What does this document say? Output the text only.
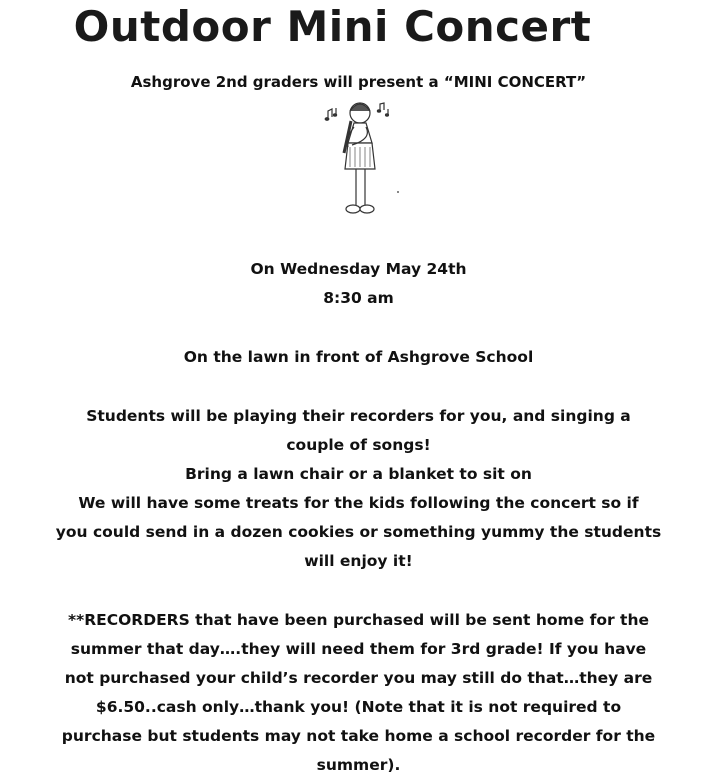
Outdoor Mini Concert
Ashgrove 2nd graders will present a “MINI CONCERT”
On Wednesday May 24th
8:30 am
On the lawn in front of Ashgrove School
Students will be playing their recorders for you, and singing a
couple of songs!
Bring a lawn chair or a blanket to sit on
We will have some treats for the kids following the concert so if
you could send in a dozen cookies or something yummy the students
will enjoy it!
**RECORDERS that have been purchased will be sent home for the
summer that day….they will need them for 3rd grade! If you have
not purchased your child’s recorder you may still do that…they are
$6.50..cash only…thank you! (Note that it is not required to
purchase but students may not take home a school recorder for the
summer).
